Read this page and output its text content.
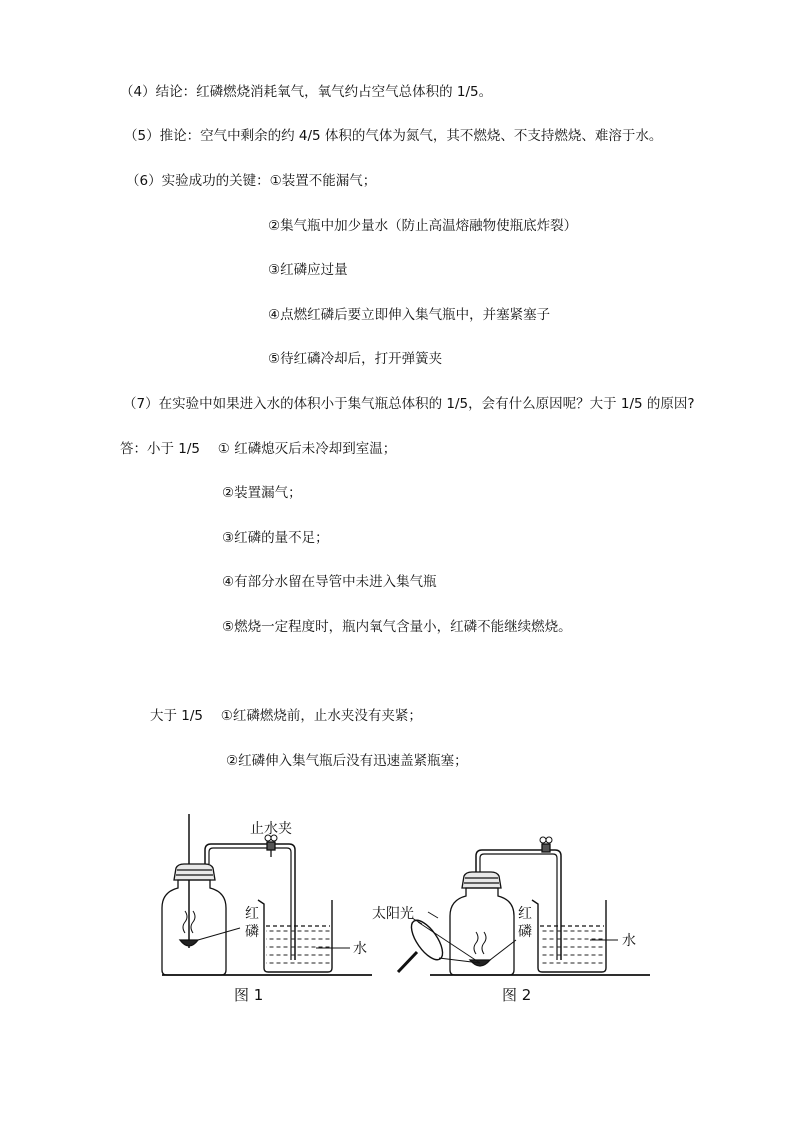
（4）结论：红磷燃烧消耗氧气，氧气约占空气总体积的 1/5。
（5）推论：空气中剩余的约 4/5 体积的气体为氮气，其不燃烧、不支持燃烧、难溶于水。
（6）实验成功的关键：①装置不能漏气；
②集气瓶中加少量水（防止高温熔融物使瓶底炸裂）
③红磷应过量
④点燃红磷后要立即伸入集气瓶中，并塞紧塞子
⑤待红磷冷却后，打开弹簧夹
（7）在实验中如果进入水的体积小于集气瓶总体积的 1/5，会有什么原因呢？大于 1/5 的原因?
答：小于 1/5　 ① 红磷熄灭后未冷却到室温；
②装置漏气；
③红磷的量不足；
④有部分水留在导管中未进入集气瓶
⑤燃烧一定程度时，瓶内氧气含量小，红磷不能继续燃烧。
大于 1/5　 ①红磷燃烧前，止水夹没有夹紧；
②红磷伸入集气瓶后没有迅速盖紧瓶塞；
止水夹
红
磷
水
图 1
太阳光	红
磷
水
图 2
